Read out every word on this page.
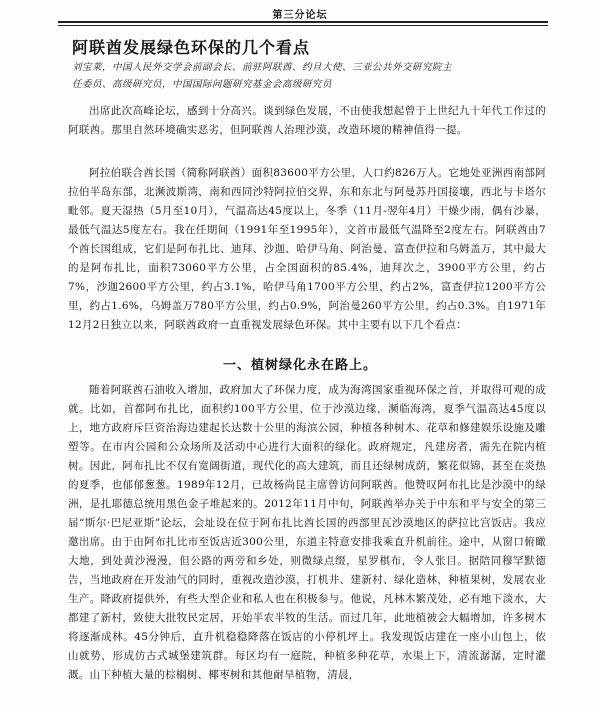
第三分论坛
阿联酋发展绿色环保的几个看点
刘宝莱，中国人民外交学会前副会长、前驻阿联酋、约旦大使、三亚公共外交研究院主
任委员、高级研究员，中国国际问题研究基金会高级研究员

出席此次高峰论坛，感到十分高兴。谈到绿色发展，不由使我想起曾于上世纪九十年代工作过的阿联酋。那里自然环境确实恶劣，但阿联酋人治理沙漠，改造环境的精神值得一提。

阿拉伯联合酋长国（简称阿联酋）面积83600平方公里，人口约826万人。它地处亚洲西南部阿拉伯半岛东部，北濒波斯湾，南和西同沙特阿拉伯交界，东和东北与阿曼苏丹国接壤，西北与卡塔尔毗邻。夏天湿热（5月至10月），气温高达45度以上，冬季（11月-翌年4月）干燥少雨，偶有沙暴，最低气温达5度左右。我在任期间（1991年至1995年），文首市最低气温降至2度左右。阿联酋由7个酋长国组成，它们是阿布扎比、迪拜、沙迦、哈伊马角、阿治曼、富查伊拉和乌姆盖万，其中最大的是阿布扎比，面积73060平方公里，占全国面积的85.4%，迪拜次之，3900平方公里，约占7%，沙迦2600平方公里，约占3.1%，哈伊马角1700平方公里，约占2%，富查伊拉1200平方公里，约占1.6%，乌姆盖万780平方公里，约占0.9%，阿治曼260平方公里，约占0.3%。自1971年12月2日独立以来，阿联酋政府一直重视发展绿色环保。其中主要有以下几个看点：

一、植树绿化永在路上。

随着阿联酋石油收入增加，政府加大了环保力度，成为海湾国家重视环保之首，并取得可观的成就。比如，首都阿布扎比，面积约100平方公里，位于沙漠边缘，濒临海湾，夏季气温高达45度以上，地方政府斥巨资治海边建起长达数十公里的海滨公园，种植各种树木、花草和修建娱乐设施及雕塑等。在市内公园和公众场所及活动中心进行大面积的绿化。政府规定，凡建房者，需先在院内植树。因此，阿布扎比不仅有宽阔街道，现代化的高大建筑，而且还绿树成荫，繁花似锦，甚至在炎热的夏季，也郁郁葱葱。1989年12月，已故杨尚昆主席曾访问阿联酋。他赞叹阿布扎比是沙漠中的绿洲，是扎耶德总统用黑色金子堆起来的。2012年11月中旬，阿联酋举办关于中东和平与安全的第三届“斯尔·巴尼亚斯”论坛，会址设在位于阿布扎比酋长国的西部里瓦沙漠地区的萨拉比宫饭店。我应邀出席。由于由阿布扎比市至饭店近300公里，东道主特意安排我乘直升机前往。途中，从窗口俯瞰大地，到处黄沙漫漫，但公路的两旁和乡处，则微绿点缀，星罗棋布，令人张目。据陪同穆罕默德告，当地政府在开发油气的同时，重视改造沙漠，打机井、建新村、绿化造林，种植果树，发展农业生产。降政府提供外，有些大型企业和私人也在积极参与。他说，凡林木繁茂处，必有地下淡水，大都建了新村，致使大批牧民定居，开始半农半牧的生活。而过几年，此地植被会大幅增加，许多树木将逐渐成林。45分钟后，直升机稳稳降落在饭店的小停机坪上。我发现饭店建在一座小山包上，依山就势，形成仿古式城堡建筑群。每区均有一庭院，种植多种花草，水渠上下，清流潺潺，定时灌溉。山下种植大量的棕榈树、椰枣树和其他耐旱植物，清晨，
